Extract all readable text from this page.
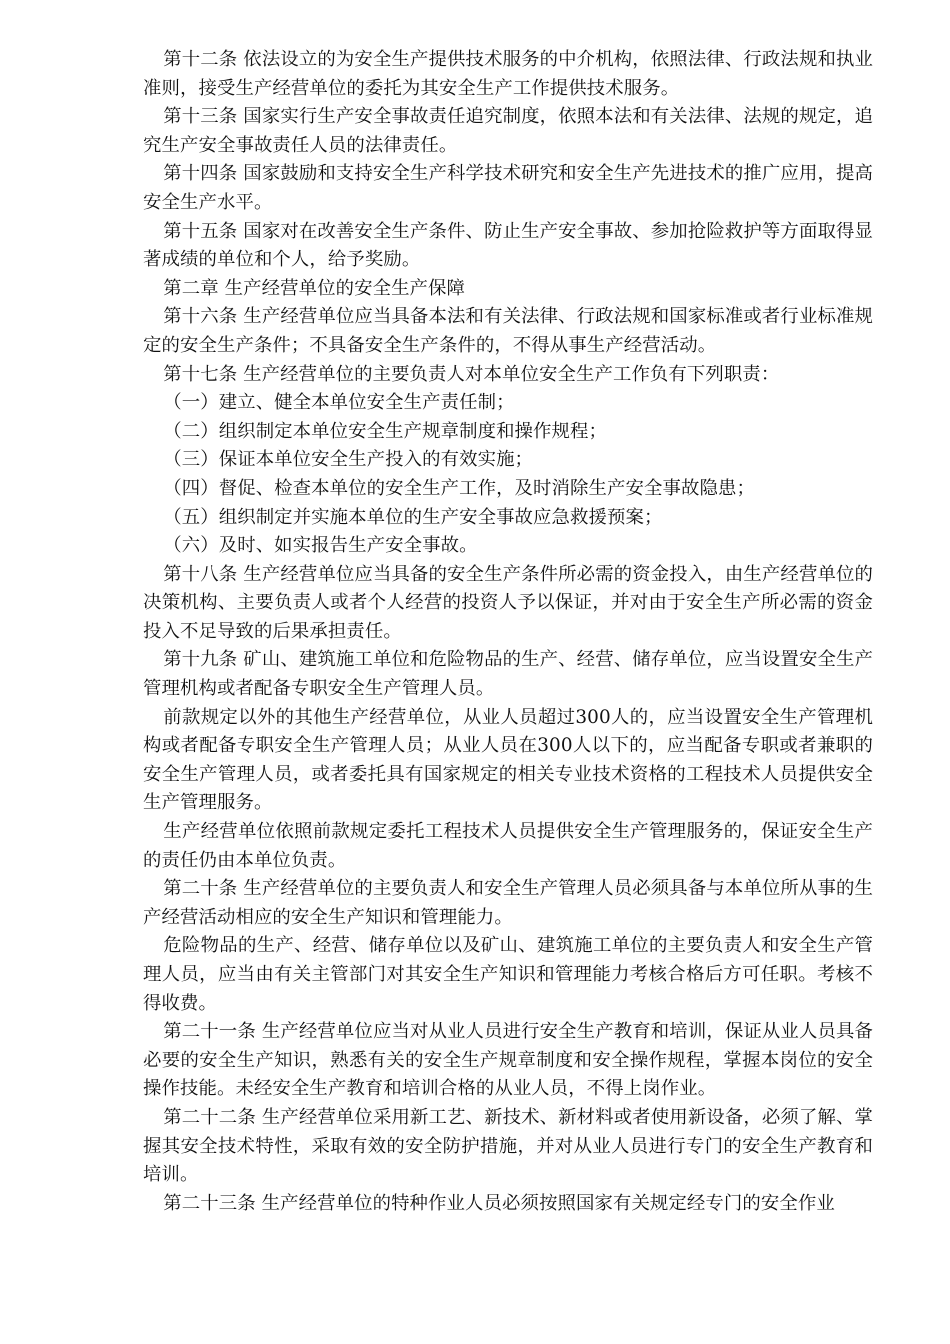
第十二条 依法设立的为安全生产提供技术服务的中介机构，依照法律、行政法规和执业准则，接受生产经营单位的委托为其安全生产工作提供技术服务。

第十三条 国家实行生产安全事故责任追究制度，依照本法和有关法律、法规的规定，追究生产安全事故责任人员的法律责任。

第十四条 国家鼓励和支持安全生产科学技术研究和安全生产先进技术的推广应用，提高安全生产水平。

第十五条 国家对在改善安全生产条件、防止生产安全事故、参加抢险救护等方面取得显著成绩的单位和个人，给予奖励。

第二章 生产经营单位的安全生产保障

第十六条 生产经营单位应当具备本法和有关法律、行政法规和国家标准或者行业标准规定的安全生产条件；不具备安全生产条件的，不得从事生产经营活动。

第十七条 生产经营单位的主要负责人对本单位安全生产工作负有下列职责：

（一）建立、健全本单位安全生产责任制；

（二）组织制定本单位安全生产规章制度和操作规程；

（三）保证本单位安全生产投入的有效实施；

（四）督促、检查本单位的安全生产工作，及时消除生产安全事故隐患；

（五）组织制定并实施本单位的生产安全事故应急救援预案；

（六）及时、如实报告生产安全事故。

第十八条 生产经营单位应当具备的安全生产条件所必需的资金投入，由生产经营单位的决策机构、主要负责人或者个人经营的投资人予以保证，并对由于安全生产所必需的资金投入不足导致的后果承担责任。

第十九条 矿山、建筑施工单位和危险物品的生产、经营、储存单位，应当设置安全生产管理机构或者配备专职安全生产管理人员。

前款规定以外的其他生产经营单位，从业人员超过300人的，应当设置安全生产管理机构或者配备专职安全生产管理人员；从业人员在300人以下的，应当配备专职或者兼职的安全生产管理人员，或者委托具有国家规定的相关专业技术资格的工程技术人员提供安全生产管理服务。

生产经营单位依照前款规定委托工程技术人员提供安全生产管理服务的，保证安全生产的责任仍由本单位负责。

第二十条 生产经营单位的主要负责人和安全生产管理人员必须具备与本单位所从事的生产经营活动相应的安全生产知识和管理能力。

危险物品的生产、经营、储存单位以及矿山、建筑施工单位的主要负责人和安全生产管理人员，应当由有关主管部门对其安全生产知识和管理能力考核合格后方可任职。考核不得收费。

第二十一条 生产经营单位应当对从业人员进行安全生产教育和培训，保证从业人员具备必要的安全生产知识，熟悉有关的安全生产规章制度和安全操作规程，掌握本岗位的安全操作技能。未经安全生产教育和培训合格的从业人员，不得上岗作业。

第二十二条 生产经营单位采用新工艺、新技术、新材料或者使用新设备，必须了解、掌握其安全技术特性，采取有效的安全防护措施，并对从业人员进行专门的安全生产教育和培训。

第二十三条 生产经营单位的特种作业人员必须按照国家有关规定经专门的安全作业
